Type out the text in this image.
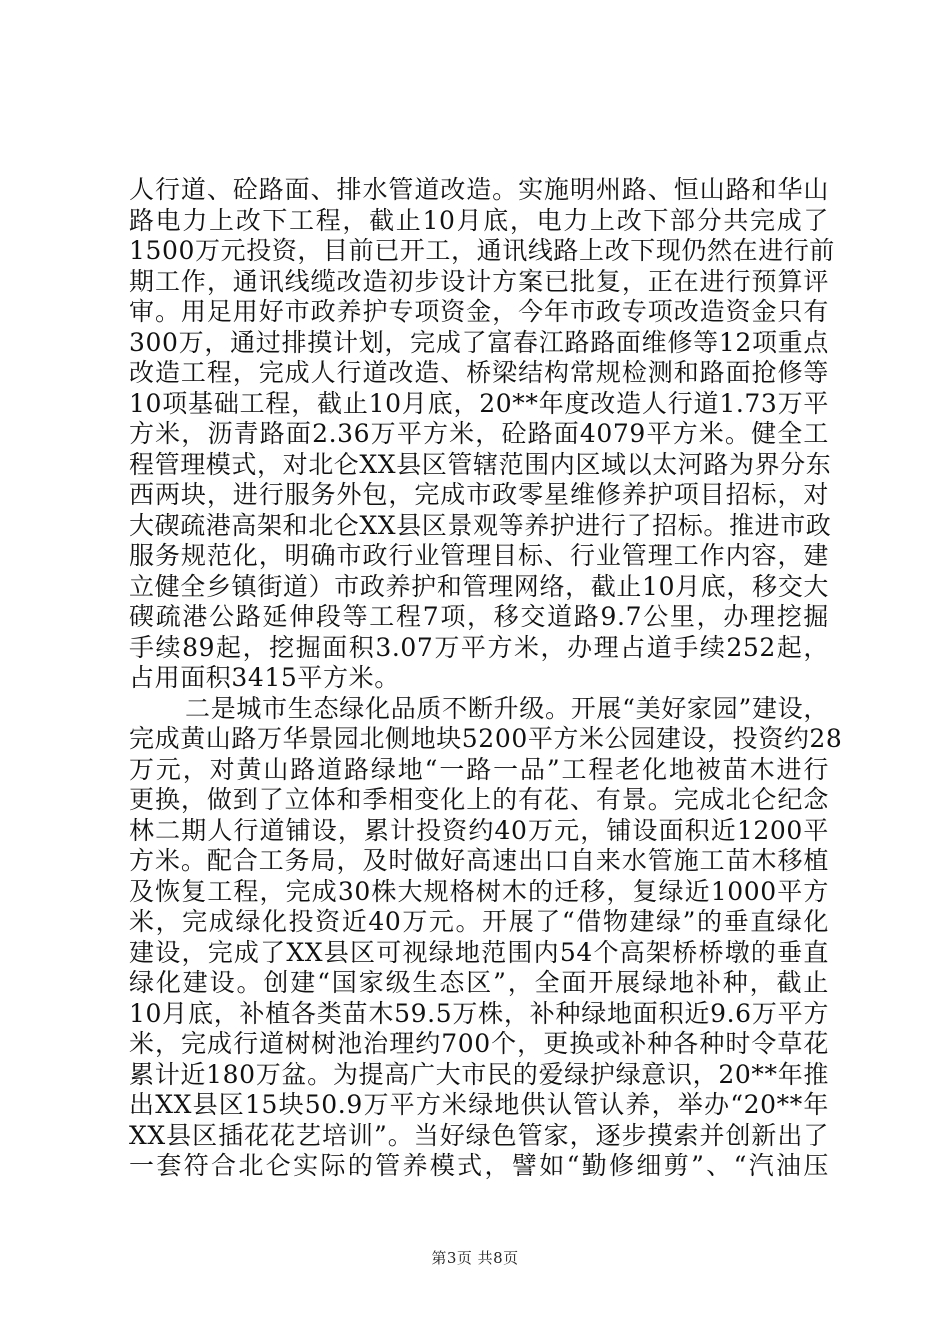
人行道、砼路面、排水管道改造。实施明州路、恒山路和华山
路电力上改下工程，截止10月底，电力上改下部分共完成了
1500万元投资，目前已开工，通讯线路上改下现仍然在进行前
期工作，通讯线缆改造初步设计方案已批复，正在进行预算评
审。用足用好市政养护专项资金，今年市政专项改造资金只有
300万，通过排摸计划，完成了富春江路路面维修等12项重点
改造工程，完成人行道改造、桥梁结构常规检测和路面抢修等
10项基础工程，截止10月底，20**年度改造人行道1.73万平
方米，沥青路面2.36万平方米，砼路面4079平方米。健全工
程管理模式，对北仑XX县区管辖范围内区域以太河路为界分东
西两块，进行服务外包，完成市政零星维修养护项目招标，对
大碶疏港高架和北仑XX县区景观等养护进行了招标。推进市政
服务规范化，明确市政行业管理目标、行业管理工作内容，建
立健全乡镇街道）市政养护和管理网络，截止10月底，移交大
碶疏港公路延伸段等工程7项，移交道路9.7公里，办理挖掘
手续89起，挖掘面积3.07万平方米，办理占道手续252起，
占用面积3415平方米。
二是城市生态绿化品质不断升级。开展“美好家园”建设，
完成黄山路万华景园北侧地块5200平方米公园建设，投资约28
万元，对黄山路道路绿地“一路一品”工程老化地被苗木进行
更换，做到了立体和季相变化上的有花、有景。完成北仑纪念
林二期人行道铺设，累计投资约40万元，铺设面积近1200平
方米。配合工务局，及时做好高速出口自来水管施工苗木移植
及恢复工程，完成30株大规格树木的迁移，复绿近1000平方
米，完成绿化投资近40万元。开展了“借物建绿”的垂直绿化
建设，完成了XX县区可视绿地范围内54个高架桥桥墩的垂直
绿化建设。创建“国家级生态区”，全面开展绿地补种，截止
10月底，补植各类苗木59.5万株，补种绿地面积近9.6万平方
米，完成行道树树池治理约700个，更换或补种各种时令草花
累计近180万盆。为提高广大市民的爱绿护绿意识，20**年推
出XX县区15块50.9万平方米绿地供认管认养，举办“20**年
XX县区插花花艺培训”。当好绿色管家，逐步摸索并创新出了
一套符合北仑实际的管养模式，譬如“勤修细剪”、“汽油压
第3页 共8页
